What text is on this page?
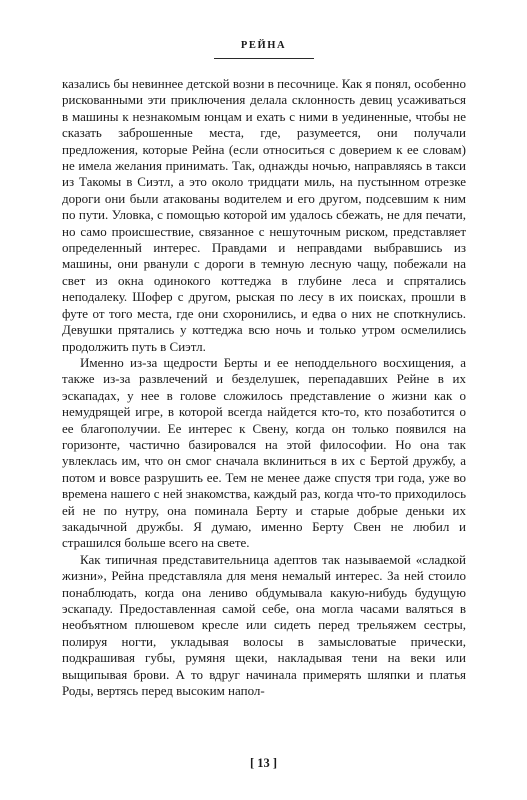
РЕЙНА

казались бы невиннее детской возни в песочнице. Как я понял, особенно рискованными эти приключения делала склонность девиц усаживаться в машины к незнакомым юнцам и ехать с ними в уединенные, чтобы не сказать заброшенные места, где, разумеется, они получали предложения, которые Рейна (если относиться с доверием к ее словам) не имела желания принимать. Так, однажды ночью, направляясь в такси из Такомы в Сиэтл, а это около тридцати миль, на пустынном отрезке дороги они были атакованы водителем и его другом, подсевшим к ним по пути. Уловка, с помощью которой им удалось сбежать, не для печати, но само происшествие, связанное с нешуточным риском, представляет определенный интерес. Правдами и неправдами выбравшись из машины, они рванули с дороги в темную лесную чащу, побежали на свет из окна одинокого коттеджа в глубине леса и спрятались неподалеку. Шофер с другом, рыская по лесу в их поисках, прошли в футе от того места, где они схоронились, и едва о них не споткнулись. Девушки прятались у коттеджа всю ночь и только утром осмелились продолжить путь в Сиэтл.

Именно из-за щедрости Берты и ее неподдельного восхищения, а также из-за развлечений и безделушек, перепадавших Рейне в их эскападах, у нее в голове сложилось представление о жизни как о немудрящей игре, в которой всегда найдется кто-то, кто позаботится о ее благополучии. Ее интерес к Свену, когда он только появился на горизонте, частично базировался на этой философии. Но она так увлеклась им, что он смог сначала вклиниться в их с Бертой дружбу, а потом и вовсе разрушить ее. Тем не менее даже спустя три года, уже во времена нашего с ней знакомства, каждый раз, когда что-то приходилось ей не по нутру, она поминала Берту и старые добрые деньки их закадычной дружбы. Я думаю, именно Берту Свен не любил и страшился больше всего на свете.

Как типичная представительница адептов так называемой «сладкой жизни», Рейна представляла для меня немалый интерес. За ней стоило понаблюдать, когда она лениво обдумывала какую-нибудь будущую эскападу. Предоставленная самой себе, она могла часами валяться в необъятном плюшевом кресле или сидеть перед трельяжем сестры, полируя ногти, укладывая волосы в замысловатые прически, подкрашивая губы, румяня щеки, накладывая тени на веки или выщипывая брови. А то вдруг начинала примерять шляпки и платья Роды, вертясь перед высоким напол-

[ 13 ]
